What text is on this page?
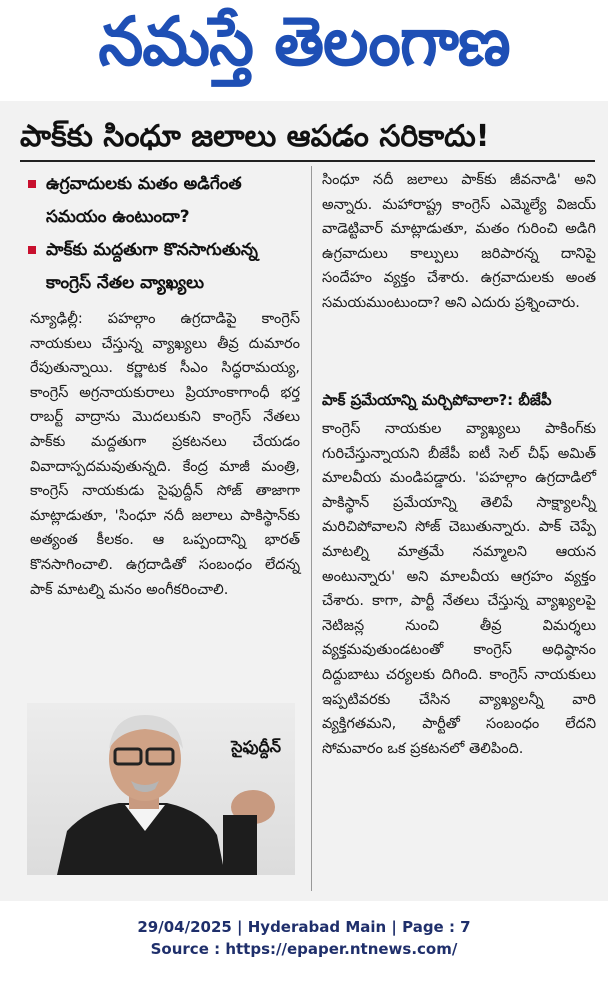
నమస్తే తెలంగాణ
పాక్‌కు సింధూ జలాలు ఆపడం సరికాదు!
ఉగ్రవాదులకు మతం అడిగేంత సమయం ఉంటుందా?
పాక్‌కు మద్దతుగా కొనసాగుతున్న కాంగ్రెస్‌ నేతల వ్యాఖ్యలు
న్యూఢిల్లీ: పహల్గాం ఉగ్రదాడిపై కాంగ్రెస్‌ నాయకులు చేస్తున్న వ్యాఖ్యలు తీవ్ర దుమారం రేపుతున్నాయి. కర్ణాటక సీఎం సిద్ధరామయ్య, కాంగ్రెస్‌ అగ్రనాయకురాలు ప్రియాంకాగాంధీ భర్త రాబర్ట్‌ వాద్రాను మొదలుకుని కాంగ్రెస్‌ నేతలు పాక్‌కు మద్దతుగా ప్రకటనలు చేయడం వివాదాస్పదమవుతున్నది. కేంద్ర మాజీ మంత్రి, కాంగ్రెస్‌ నాయకుడు సైఫుద్దీన్‌ సోజ్‌ తాజాగా మాట్లాడుతూ, 'సింధూ నదీ జలాలు పాకిస్థాన్‌కు అత్యంత కీలకం. ఆ ఒప్పందాన్ని భారత్‌ కొనసాగించాలి. ఉగ్రదాడితో సంబంధం లేదన్న పాక్‌ మాటల్ని మనం అంగీకరించాలి.
సింధూ నదీ జలాలు పాక్‌కు జీవనాడి' అని అన్నారు. మహారాష్ట్ర కాంగ్రెస్‌ ఎమ్మెల్యే విజయ్‌ వాడెట్టివార్‌ మాట్లాడుతూ, మతం గురించి అడిగి ఉగ్రవాదులు కాల్పులు జరిపారన్న దానిపై సందేహం వ్యక్తం చేశారు. ఉగ్రవాదులకు అంత సమయముంటుందా? అని ఎదురు ప్రశ్నించారు.
పాక్‌ ప్రమేయాన్ని మర్చిపోవాలా?: బీజేపీ
కాంగ్రెస్‌ నాయకుల వ్యాఖ్యలు పాకింగ్‌కు గురిచేస్తున్నాయని బీజేపీ ఐటీ సెల్‌ చీఫ్‌ అమిత్‌ మాలవీయ మండిపడ్డారు. 'పహల్గాం ఉగ్రదాడిలో పాకిస్థాన్‌ ప్రమేయాన్ని తెలిపే సాక్ష్యాలన్నీ మరిచిపోవాలని సోజ్‌ చెబుతున్నారు. పాక్‌ చెప్పే మాటల్ని మాత్రమే నమ్మాలని ఆయన అంటున్నారు' అని మాలవీయ ఆగ్రహం వ్యక్తం చేశారు. కాగా, పార్టీ నేతలు చేస్తున్న వ్యాఖ్యలపై నెటిజన్ల నుంచి తీవ్ర విమర్శలు వ్యక్తమవుతుండటంతో కాంగ్రెస్‌ అధిష్ఠానం దిద్దుబాటు చర్యలకు దిగింది. కాంగ్రెస్‌ నాయకులు ఇప్పటివరకు చేసిన వ్యాఖ్యలన్నీ వారి వ్యక్తిగతమని, పార్టీతో సంబంధం లేదని సోమవారం ఒక ప్రకటనలో తెలిపింది.
సైఫుద్దీన్‌
29/04/2025 | Hyderabad Main | Page : 7
Source : https://epaper.ntnews.com/
